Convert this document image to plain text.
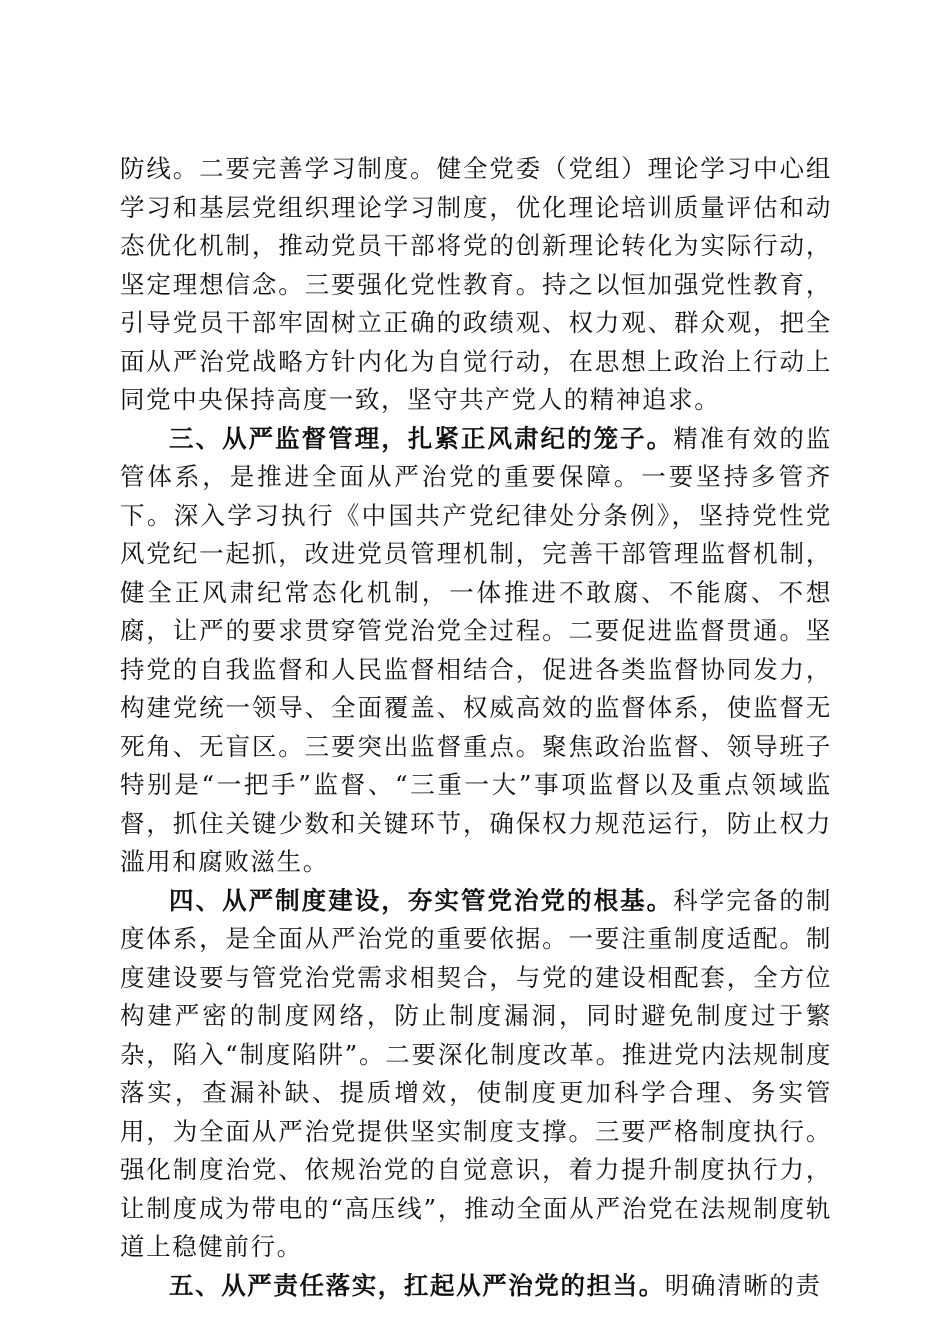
防线。二要完善学习制度。健全党委（党组）理论学习中心组学习和基层党组织理论学习制度，优化理论培训质量评估和动态优化机制，推动党员干部将党的创新理论转化为实际行动，坚定理想信念。三要强化党性教育。持之以恒加强党性教育，引导党员干部牢固树立正确的政绩观、权力观、群众观，把全面从严治党战略方针内化为自觉行动，在思想上政治上行动上同党中央保持高度一致，坚守共产党人的精神追求。

三、从严监督管理，扎紧正风肃纪的笼子。精准有效的监管体系，是推进全面从严治党的重要保障。一要坚持多管齐下。深入学习执行《中国共产党纪律处分条例》，坚持党性党风党纪一起抓，改进党员管理机制，完善干部管理监督机制，健全正风肃纪常态化机制，一体推进不敢腐、不能腐、不想腐，让严的要求贯穿管党治党全过程。二要促进监督贯通。坚持党的自我监督和人民监督相结合，促进各类监督协同发力，构建党统一领导、全面覆盖、权威高效的监督体系，使监督无死角、无盲区。三要突出监督重点。聚焦政治监督、领导班子特别是“一把手”监督、“三重一大”事项监督以及重点领域监督，抓住关键少数和关键环节，确保权力规范运行，防止权力滥用和腐败滋生。

四、从严制度建设，夯实管党治党的根基。科学完备的制度体系，是全面从严治党的重要依据。一要注重制度适配。制度建设要与管党治党需求相契合，与党的建设相配套，全方位构建严密的制度网络，防止制度漏洞，同时避免制度过于繁杂，陷入“制度陷阱”。二要深化制度改革。推进党内法规制度落实，查漏补缺、提质增效，使制度更加科学合理、务实管用，为全面从严治党提供坚实制度支撑。三要严格制度执行。强化制度治党、依规治党的自觉意识，着力提升制度执行力，让制度成为带电的“高压线”，推动全面从严治党在法规制度轨道上稳健前行。

五、从严责任落实，扛起从严治党的担当。明确清晰的责
